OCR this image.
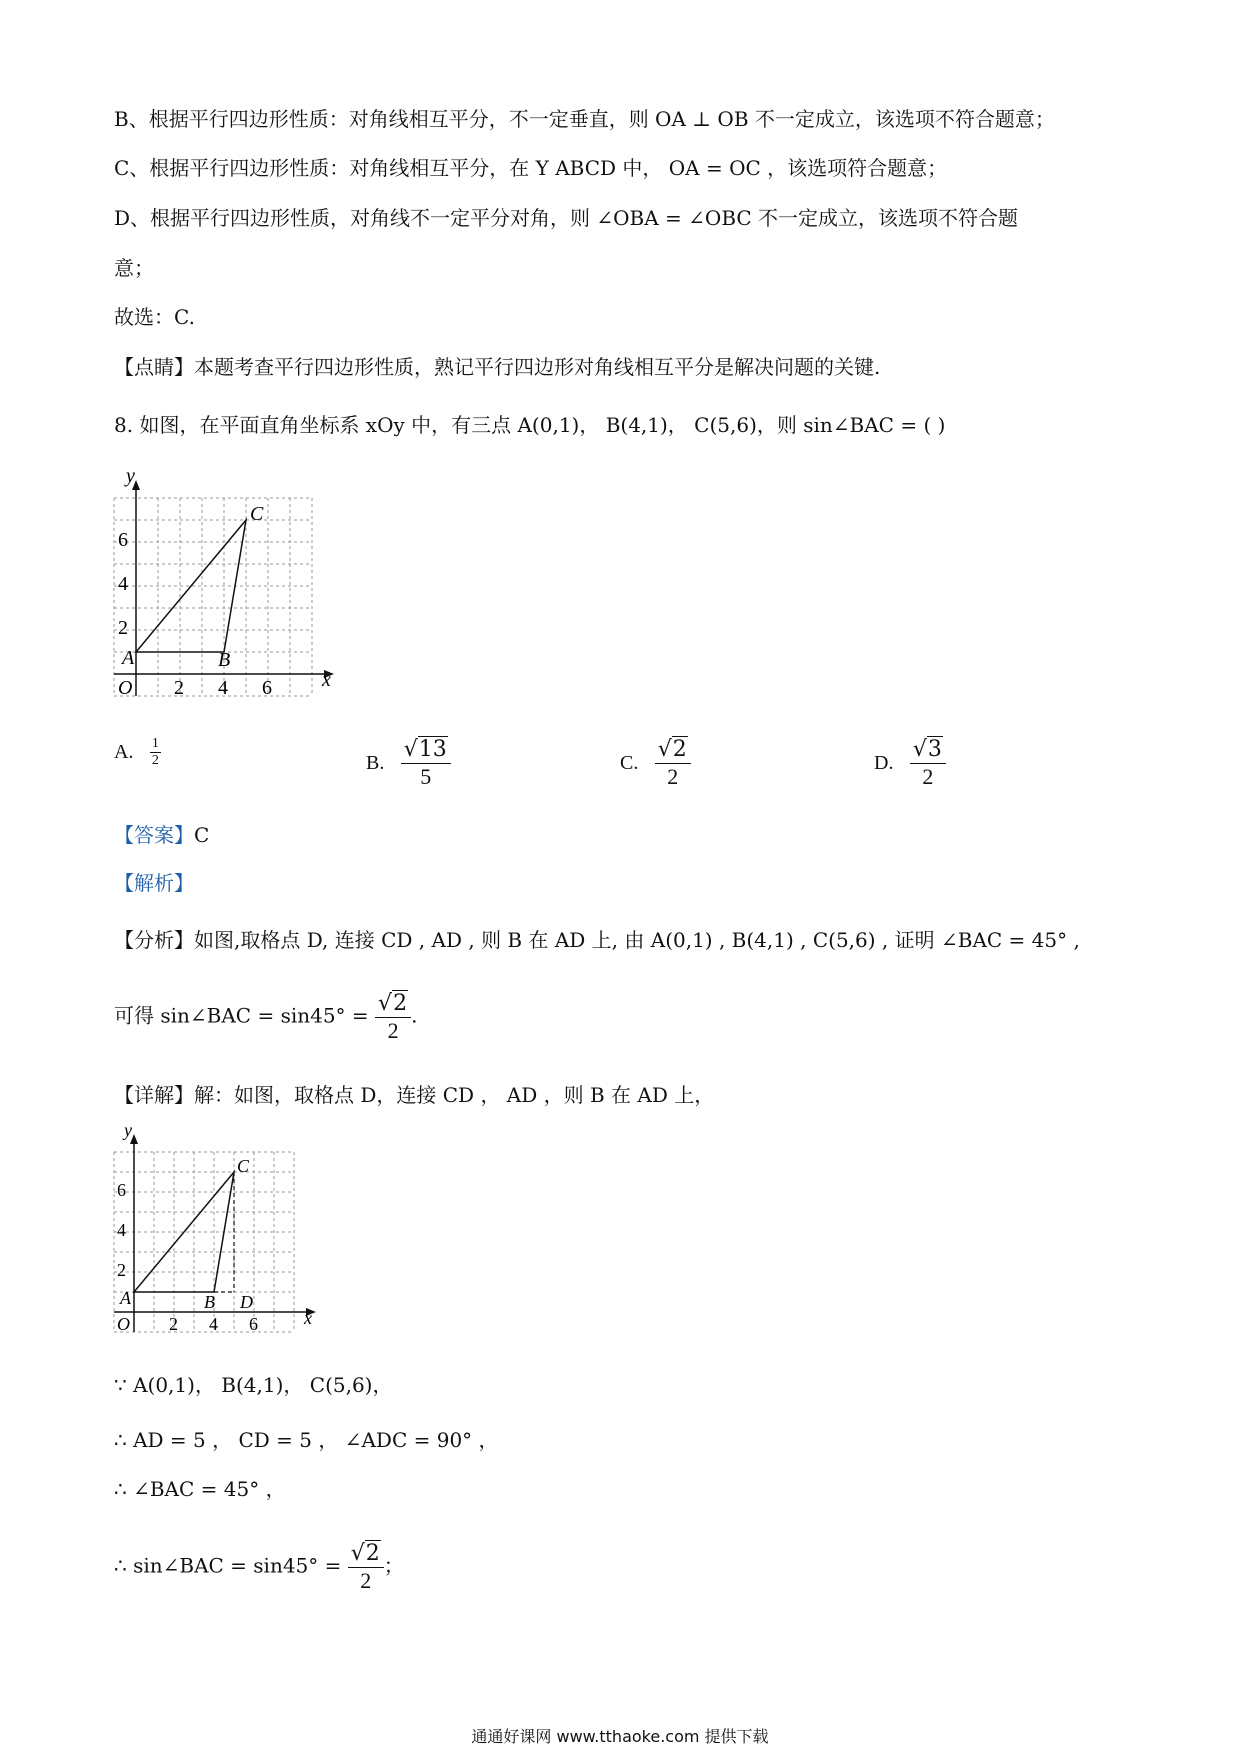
B、根据平行四边形性质：对角线相互平分，不一定垂直，则 OA ⊥ OB 不一定成立，该选项不符合题意；
C、根据平行四边形性质：对角线相互平分，在 Y ABCD 中， OA = OC ，该选项符合题意；
D、根据平行四边形性质，对角线不一定平分对角，则 ∠OBA = ∠OBC 不一定成立，该选项不符合题
意；
故选：C.
【点睛】本题考查平行四边形性质，熟记平行四边形对角线相互平分是解决问题的关键.
8. 如图，在平面直角坐标系 xOy 中，有三点 A(0,1)， B(4,1)， C(5,6)，则 sin∠BAC = ( )
y
x
O
2
4
6
2 4 6
A	B
C
A. $\frac{1}{2}$	B. $\frac{√13}{5}$	C. $\frac{√2}{2}$	D. $\frac{√3}{2}$
【答案】C
【解析】
【分析】如图,取格点 D, 连接 CD , AD , 则 B 在 AD 上, 由 A(0,1) , B(4,1) , C(5,6) , 证明 ∠BAC = 45° ,
可得 sin∠BAC = $\sin 45^\circ = \frac{√2}{2}$ .
【详解】解：如图，取格点 D，连接 CD ， AD ，则 B 在 AD 上，
y
x
O
2
4
6
2 4 6
A	B
C
D
∵ A(0,1)， B(4,1)， C(5,6)，
∴ AD = 5 ， CD = 5 ， ∠ADC = 90° ，
∴ ∠BAC = 45° ，
∴ sin∠BAC = $\sin 45^\circ = \frac{√2}{2}$ ；
通通好课网 www.tthaoke.com 提供下载
